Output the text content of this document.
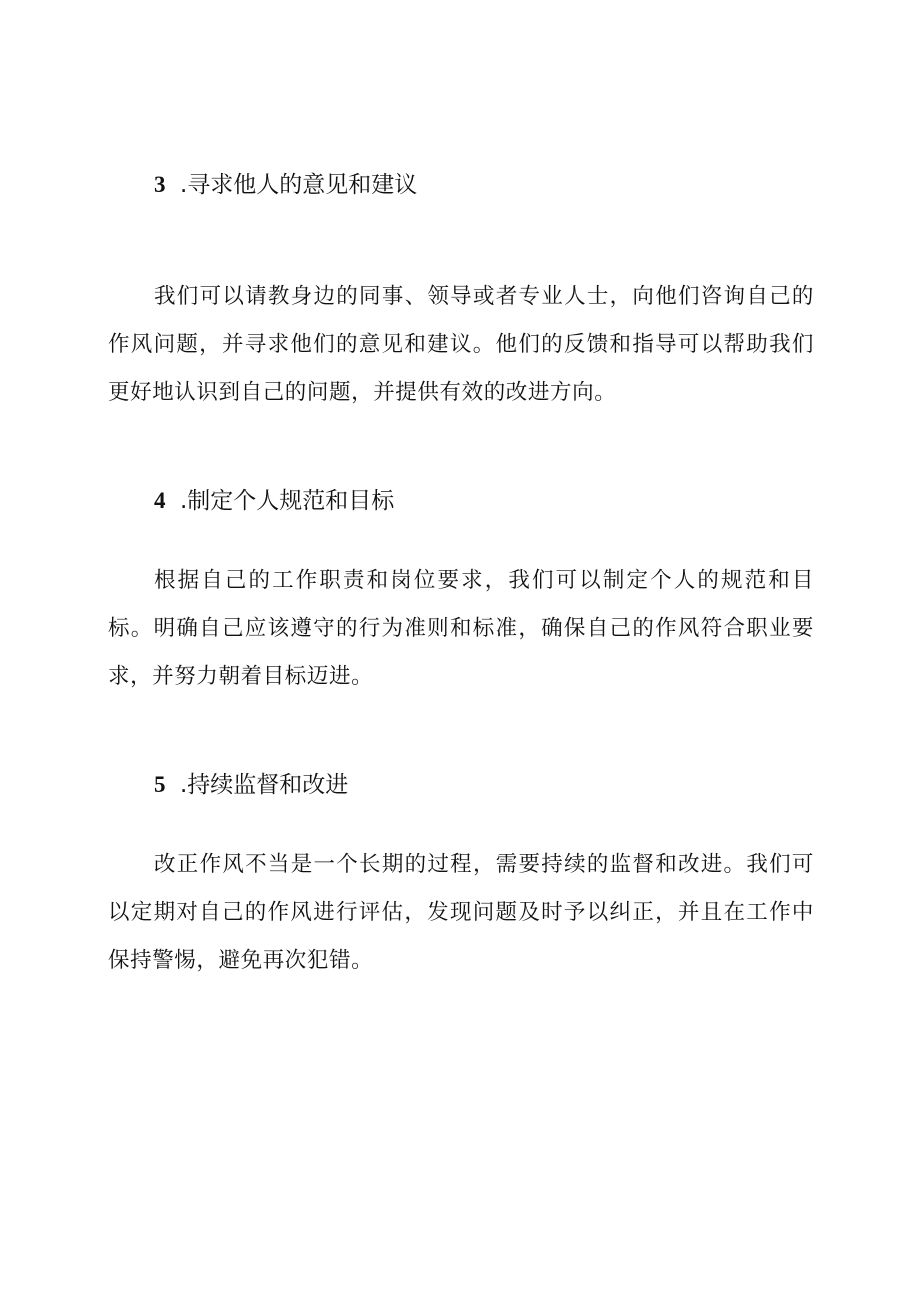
3 .寻求他人的意见和建议

我们可以请教身边的同事、领导或者专业人士，向他们咨询自己的作风问题，并寻求他们的意见和建议。他们的反馈和指导可以帮助我们更好地认识到自己的问题，并提供有效的改进方向。

4 .制定个人规范和目标

根据自己的工作职责和岗位要求，我们可以制定个人的规范和目标。明确自己应该遵守的行为准则和标准，确保自己的作风符合职业要求，并努力朝着目标迈进。

5 .持续监督和改进

改正作风不当是一个长期的过程，需要持续的监督和改进。我们可以定期对自己的作风进行评估，发现问题及时予以纠正，并且在工作中保持警惕，避免再次犯错。
